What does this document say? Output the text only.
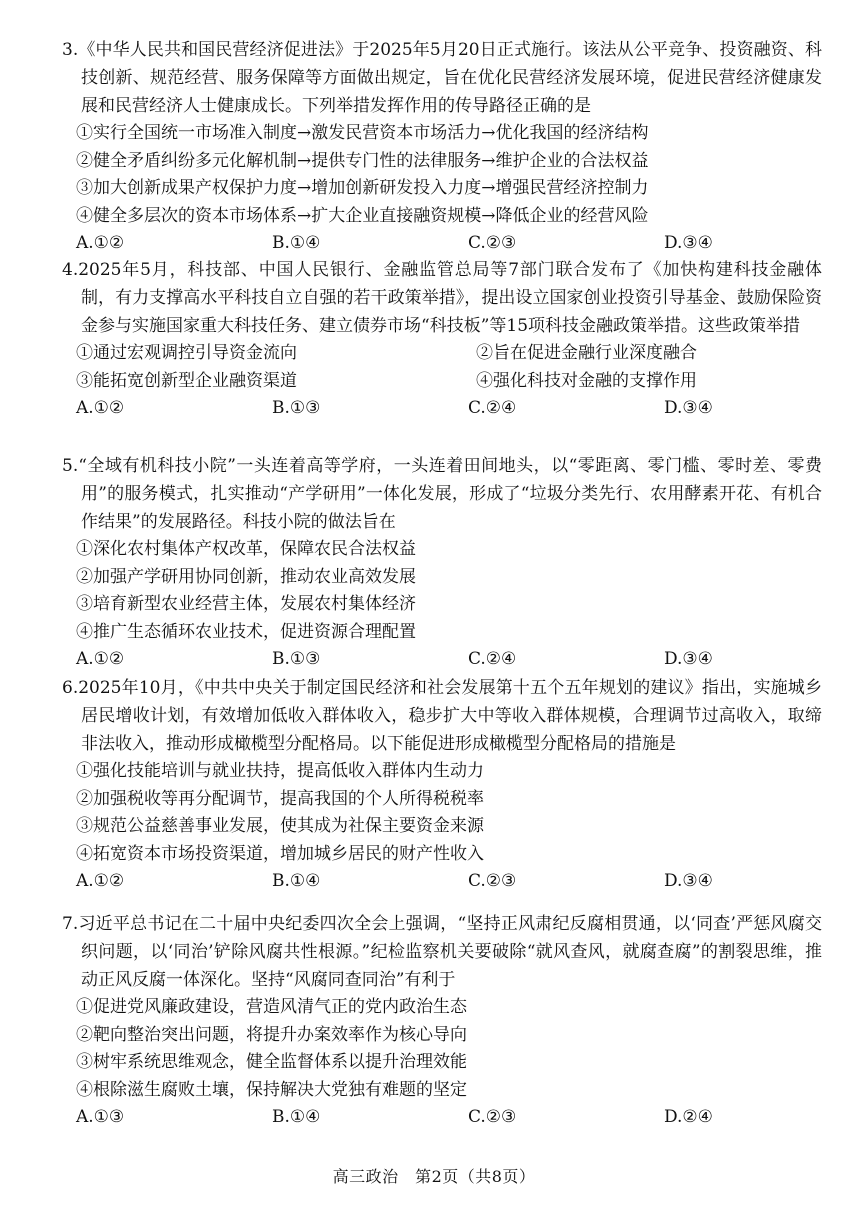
3.《中华人民共和国民营经济促进法》于2025年5月20日正式施行。该法从公平竞争、投资融资、科技创新、规范经营、服务保障等方面做出规定，旨在优化民营经济发展环境，促进民营经济健康发展和民营经济人士健康成长。下列举措发挥作用的传导路径正确的是
①实行全国统一市场准入制度→激发民营资本市场活力→优化我国的经济结构
②健全矛盾纠纷多元化解机制→提供专门性的法律服务→维护企业的合法权益
③加大创新成果产权保护力度→增加创新研发投入力度→增强民营经济控制力
④健全多层次的资本市场体系→扩大企业直接融资规模→降低企业的经营风险
A.①②	B.①④	C.②③	D.③④
4.2025年5月，科技部、中国人民银行、金融监管总局等7部门联合发布了《加快构建科技金融体制，有力支撑高水平科技自立自强的若干政策举措》，提出设立国家创业投资引导基金、鼓励保险资金参与实施国家重大科技任务、建立债券市场“科技板”等15项科技金融政策举措。这些政策举措
①通过宏观调控引导资金流向	②旨在促进金融行业深度融合
③能拓宽创新型企业融资渠道	④强化科技对金融的支撑作用
A.①②	B.①③	C.②④	D.③④
5.“全域有机科技小院”一头连着高等学府，一头连着田间地头，以“零距离、零门槛、零时差、零费用”的服务模式，扎实推动“产学研用”一体化发展，形成了“垃圾分类先行、农用酵素开花、有机合作结果”的发展路径。科技小院的做法旨在
①深化农村集体产权改革，保障农民合法权益
②加强产学研用协同创新，推动农业高效发展
③培育新型农业经营主体，发展农村集体经济
④推广生态循环农业技术，促进资源合理配置
A.①②	B.①③	C.②④	D.③④
6.2025年10月，《中共中央关于制定国民经济和社会发展第十五个五年规划的建议》指出，实施城乡居民增收计划，有效增加低收入群体收入，稳步扩大中等收入群体规模，合理调节过高收入，取缔非法收入，推动形成橄榄型分配格局。以下能促进形成橄榄型分配格局的措施是
①强化技能培训与就业扶持，提高低收入群体内生动力
②加强税收等再分配调节，提高我国的个人所得税税率
③规范公益慈善事业发展，使其成为社保主要资金来源
④拓宽资本市场投资渠道，增加城乡居民的财产性收入
A.①②	B.①④	C.②③	D.③④
7.习近平总书记在二十届中央纪委四次全会上强调，“坚持正风肃纪反腐相贯通，以‘同查’严惩风腐交织问题，以‘同治’铲除风腐共性根源。”纪检监察机关要破除“就风查风，就腐查腐”的割裂思维，推动正风反腐一体深化。坚持“风腐同查同治”有利于
①促进党风廉政建设，营造风清气正的党内政治生态
②靶向整治突出问题，将提升办案效率作为核心导向
③树牢系统思维观念，健全监督体系以提升治理效能
④根除滋生腐败土壤，保持解决大党独有难题的坚定
A.①③	B.①④	C.②③	D.②④
高三政治　第2页（共8页）
